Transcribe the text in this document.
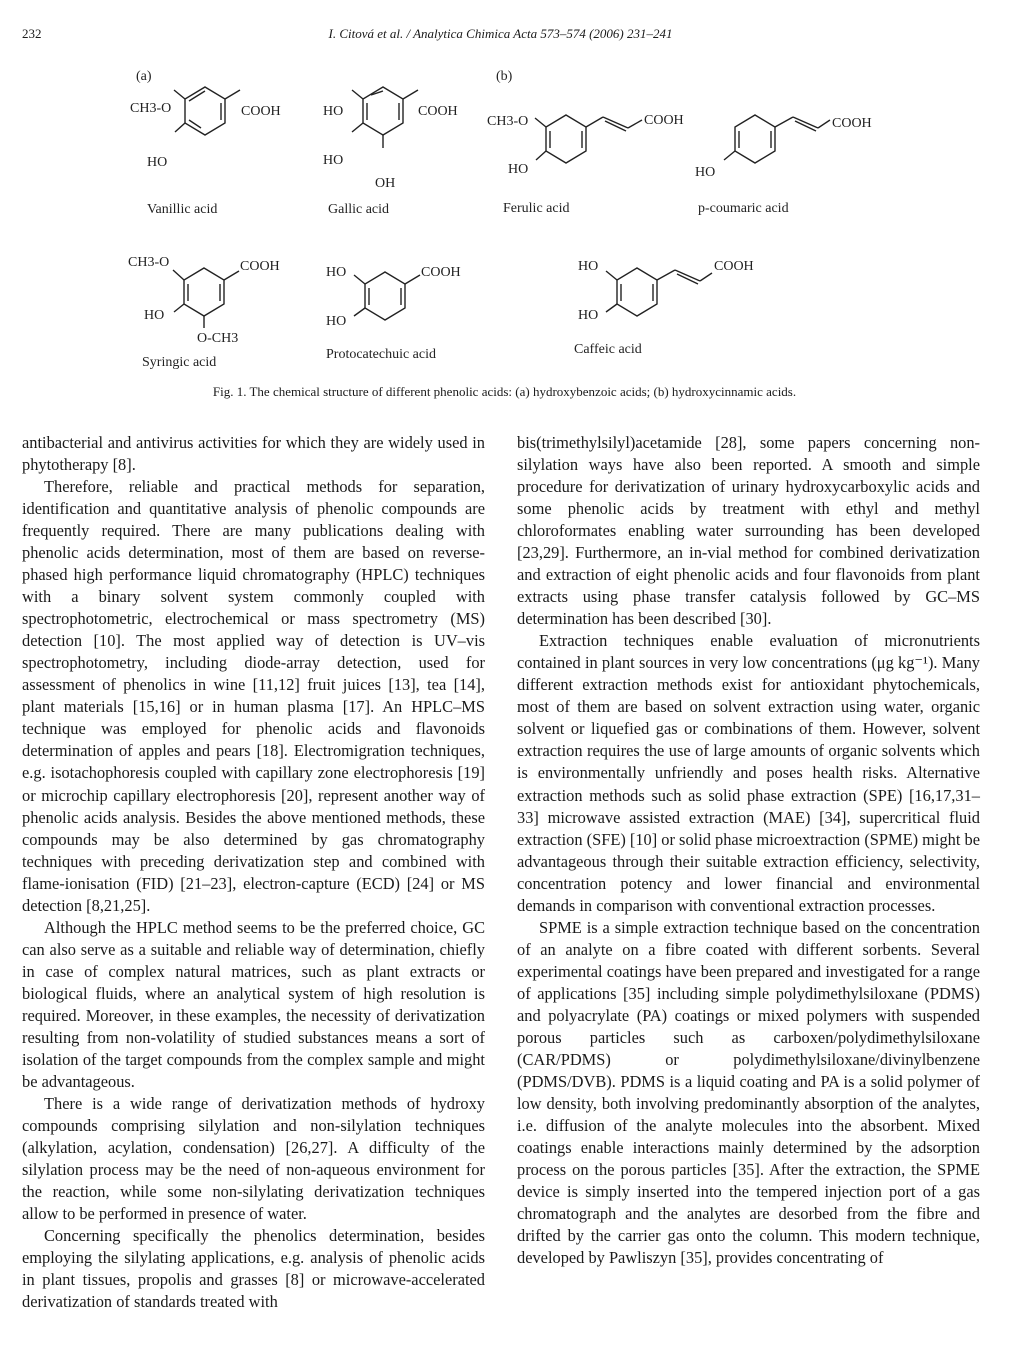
232	I. Citová et al. / Analytica Chimica Acta 573–574 (2006) 231–241
(a)	(b)
CH3-O	COOH
HO
Vanillic acid
HO	COOH
HO
OH
Gallic acid
CH3-O	COOH
HO
Ferulic acid
COOH
HO
p-coumaric acid
CH3-O	COOH
HO
O-CH3
Syringic acid
HO	COOH
HO
Protocatechuic acid
HO	COOH
HO
Caffeic acid
Fig. 1. The chemical structure of different phenolic acids: (a) hydroxybenzoic acids; (b) hydroxycinnamic acids.

antibacterial and antivirus activities for which they are widely used in phytotherapy [8].

Therefore, reliable and practical methods for separation, identification and quantitative analysis of phenolic compounds are frequently required. There are many publications dealing with phenolic acids determination, most of them are based on reverse-phased high performance liquid chromatography (HPLC) techniques with a binary solvent system commonly coupled with spectrophotometric, electrochemical or mass spectrometry (MS) detection [10]. The most applied way of detection is UV–vis spectrophotometry, including diode-array detection, used for assessment of phenolics in wine [11,12] fruit juices [13], tea [14], plant materials [15,16] or in human plasma [17]. An HPLC–MS technique was employed for phenolic acids and flavonoids determination of apples and pears [18]. Electromigration techniques, e.g. isotachophoresis coupled with capillary zone electrophoresis [19] or microchip capillary electrophoresis [20], represent another way of phenolic acids analysis. Besides the above mentioned methods, these compounds may be also determined by gas chromatography techniques with preceding derivatization step and combined with flame-ionisation (FID) [21–23], electron-capture (ECD) [24] or MS detection [8,21,25].

Although the HPLC method seems to be the preferred choice, GC can also serve as a suitable and reliable way of determination, chiefly in case of complex natural matrices, such as plant extracts or biological fluids, where an analytical system of high resolution is required. Moreover, in these examples, the necessity of derivatization resulting from non-volatility of studied substances means a sort of isolation of the target compounds from the complex sample and might be advantageous.

There is a wide range of derivatization methods of hydroxy compounds comprising silylation and non-silylation techniques (alkylation, acylation, condensation) [26,27]. A difficulty of the silylation process may be the need of non-aqueous environment for the reaction, while some non-silylating derivatization techniques allow to be performed in presence of water.

Concerning specifically the phenolics determination, besides employing the silylating applications, e.g. analysis of phenolic acids in plant tissues, propolis and grasses [8] or microwave-accelerated derivatization of standards treated with

bis(trimethylsilyl)acetamide [28], some papers concerning non-silylation ways have also been reported. A smooth and simple procedure for derivatization of urinary hydroxycarboxylic acids and some phenolic acids by treatment with ethyl and methyl chloroformates enabling water surrounding has been developed [23,29]. Furthermore, an in-vial method for combined derivatization and extraction of eight phenolic acids and four flavonoids from plant extracts using phase transfer catalysis followed by GC–MS determination has been described [30].

Extraction techniques enable evaluation of micronutrients contained in plant sources in very low concentrations (μg kg⁻¹). Many different extraction methods exist for antioxidant phytochemicals, most of them are based on solvent extraction using water, organic solvent or liquefied gas or combinations of them. However, solvent extraction requires the use of large amounts of organic solvents which is environmentally unfriendly and poses health risks. Alternative extraction methods such as solid phase extraction (SPE) [16,17,31–33] microwave assisted extraction (MAE) [34], supercritical fluid extraction (SFE) [10] or solid phase microextraction (SPME) might be advantageous through their suitable extraction efficiency, selectivity, concentration potency and lower financial and environmental demands in comparison with conventional extraction processes.

SPME is a simple extraction technique based on the concentration of an analyte on a fibre coated with different sorbents. Several experimental coatings have been prepared and investigated for a range of applications [35] including simple polydimethylsiloxane (PDMS) and polyacrylate (PA) coatings or mixed polymers with suspended porous particles such as carboxen/polydimethylsiloxane (CAR/PDMS) or polydimethylsiloxane/divinylbenzene (PDMS/DVB). PDMS is a liquid coating and PA is a solid polymer of low density, both involving predominantly absorption of the analytes, i.e. diffusion of the analyte molecules into the absorbent. Mixed coatings enable interactions mainly determined by the adsorption process on the porous particles [35]. After the extraction, the SPME device is simply inserted into the tempered injection port of a gas chromatograph and the analytes are desorbed from the fibre and drifted by the carrier gas onto the column. This modern technique, developed by Pawliszyn [35], provides concentrating of
